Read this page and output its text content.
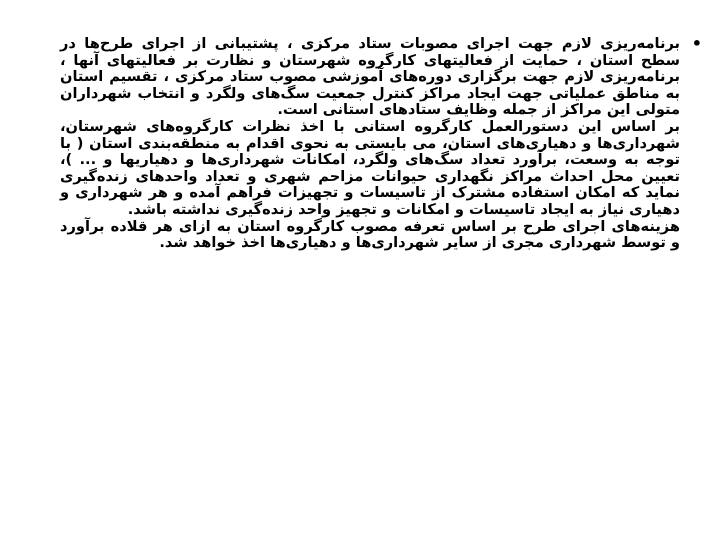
•

برنامه‌ریزی لازم جهت اجرای مصوبات ستاد مرکزی ، پشتیبانی از اجرای طرح‌ها در سطح استان ، حمایت از فعالیتهای کارگروه شهرستان و نظارت بر فعالیتهای آنها ، برنامه‌ریزی لازم جهت برگزاری دوره‌های آموزشی مصوب ستاد مرکزی ، تقسیم استان به مناطق عملیاتی جهت ایجاد مراکز کنترل جمعیت سگ‌های ولگرد و انتخاب شهرداران متولی این مراکز از جمله وظایف ستادهای استانی است.

بر اساس این دستورالعمل کارگروه استانی با اخذ نظرات کارگروه‌های شهرستان، شهرداری‌ها و دهیاری‌های استان، می بایستی به نحوی اقدام به منطقه‌بندی استان ( با توجه به وسعت، برآورد تعداد سگ‌های ولگرد، امکانات شهرداری‌ها و دهیاریها و ... )، تعیین محل احداث مراکز نگهداری حیوانات مزاحم شهری و تعداد واحدهای زنده‌گیری نماید که امکان استفاده مشترک از تاسیسات و تجهیزات فراهم آمده و هر شهرداری و دهیاری نیاز به ایجاد تاسیسات و امکانات و تجهیز واحد زنده‌گیری نداشته باشد.

هزینه‌های اجرای طرح بر اساس تعرفه مصوب کارگروه استان به ازای هر قلاده برآورد و توسط شهرداری مجری از سایر شهرداری‌ها و دهیاری‌ها اخذ خواهد شد.
